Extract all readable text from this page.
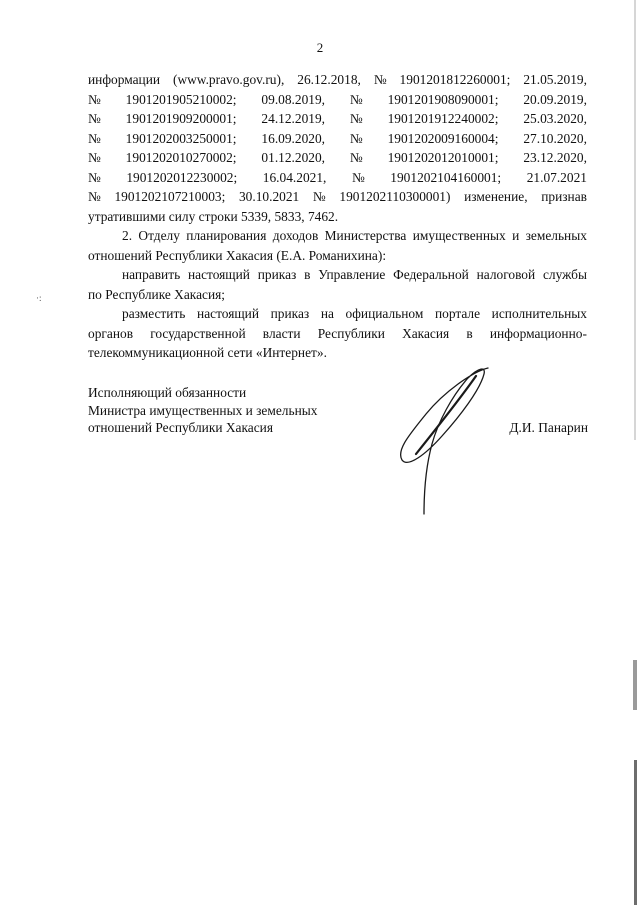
2
·:
информации (www.pravo.gov.ru), 26.12.2018, № 1901201812260001; 21.05.2019,
№ 1901201905210002; 09.08.2019, № 1901201908090001; 20.09.2019,
№ 1901201909200001; 24.12.2019, № 1901201912240002; 25.03.2020,
№ 1901202003250001; 16.09.2020, № 1901202009160004; 27.10.2020,
№ 1901202010270002; 01.12.2020, № 1901202012010001; 23.12.2020,
№ 1901202012230002; 16.04.2021, № 1901202104160001; 21.07.2021
№ 1901202107210003; 30.10.2021 № 1901202110300001) изменение, признав
утратившими силу строки 5339, 5833, 7462.
2. Отделу планирования доходов Министерства имущественных и земельных
отношений Республики Хакасия (Е.А. Романихина):
направить настоящий приказ в Управление Федеральной налоговой службы
по Республике Хакасия;
разместить настоящий приказ на официальном портале исполнительных
органов государственной власти Республики Хакасия в информационно-
телекоммуникационной сети «Интернет».
Исполняющий обязанности
Министра имущественных и земельных
отношений Республики Хакасия	Д.И. Панарин
